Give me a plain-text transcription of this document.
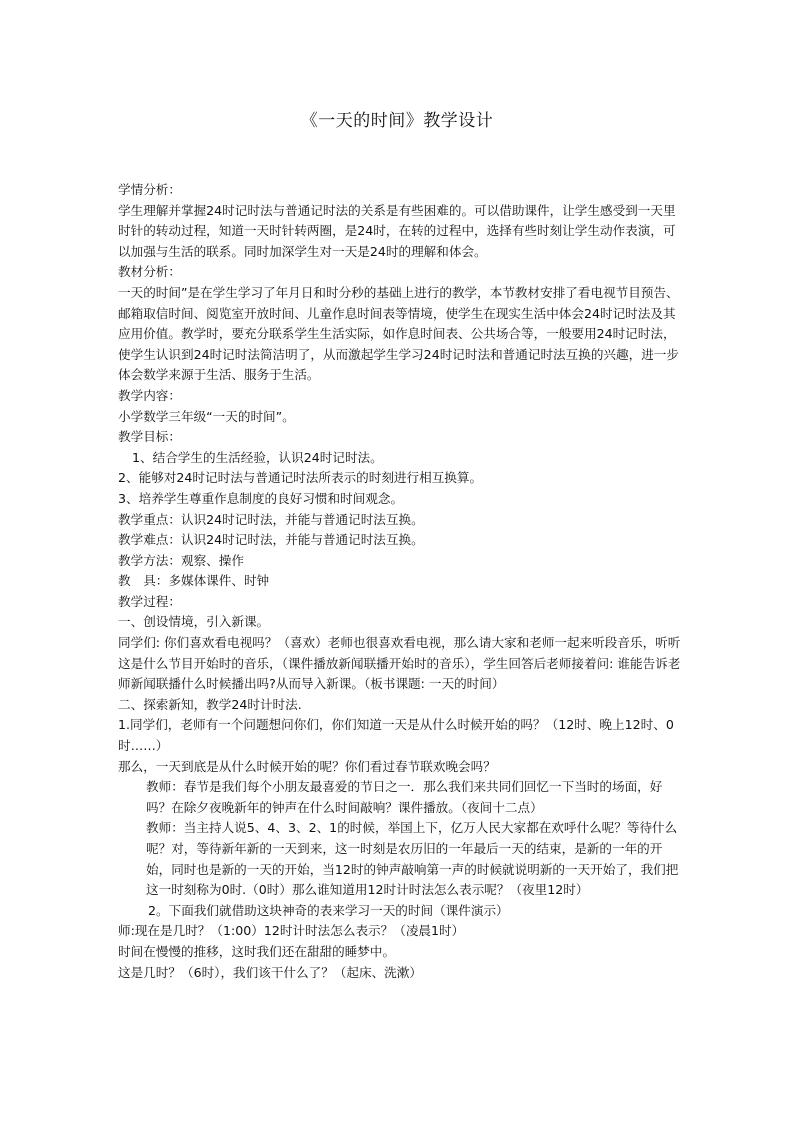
《一天的时间》教学设计

学情分析：

学生理解并掌握24时记时法与普通记时法的关系是有些困难的。可以借助课件，让学生感受到一天里时针的转动过程，知道一天时针转两圈，是24时，在转的过程中，选择有些时刻让学生动作表演，可以加强与生活的联系。同时加深学生对一天是24时的理解和体会。

教材分析：

一天的时间”是在学生学习了年月日和时分秒的基础上进行的教学，本节教材安排了看电视节目预告、邮箱取信时间、阅览室开放时间、儿童作息时间表等情境，使学生在现实生活中体会24时记时法及其应用价值。教学时，要充分联系学生生活实际，如作息时间表、公共场合等，一般要用24时记时法，使学生认识到24时记时法简洁明了，从而激起学生学习24时记时法和普通记时法互换的兴趣，进一步体会数学来源于生活、服务于生活。

教学内容：

小学数学三年级“一天的时间”。

教学目标：

1、结合学生的生活经验，认识24时记时法。

2、能够对24时记时法与普通记时法所表示的时刻进行相互换算。

3、培养学生尊重作息制度的良好习惯和时间观念。

教学重点：认识24时记时法，并能与普通记时法互换。

教学难点：认识24时记时法，并能与普通记时法互换。

教学方法：观察、操作

教　具：多媒体课件、时钟

教学过程：

一、创设情境，引入新课。

同学们: 你们喜欢看电视吗？（喜欢）老师也很喜欢看电视，那么请大家和老师一起来听段音乐，听听这是什么节目开始时的音乐，（课件播放新闻联播开始时的音乐），学生回答后老师接着问: 谁能告诉老师新闻联播什么时候播出吗?从而导入新课。（板书课题: 一天的时间）

二、探索新知，教学24时计时法.

1.同学们，老师有一个问题想问你们，你们知道一天是从什么时候开始的吗？（12时、晚上12时、0时……）

那么，一天到底是从什么时候开始的呢？你们看过春节联欢晚会吗？

教师：春节是我们每个小朋友最喜爱的节日之一．那么我们来共同们回忆一下当时的场面，好吗？在除夕夜晚新年的钟声在什么时间敲响？课件播放。（夜间十二点）

教师：当主持人说5、4、3、2、1的时候，举国上下，亿万人民大家都在欢呼什么呢？等待什么呢？对，等待新年新的一天到来，这一时刻是农历旧的一年最后一天的结束，是新的一年的开始，同时也是新的一天的开始，当12时的钟声敲响第一声的时候就说明新的一天开始了，我们把这一时刻称为0时.（0时）那么谁知道用12时计时法怎么表示呢？（夜里12时）

2。下面我们就借助这块神奇的表来学习一天的时间（课件演示）

师:现在是几时？（1:00）12时计时法怎么表示？（凌晨1时）

时间在慢慢的推移，这时我们还在甜甜的睡梦中。

这是几时？（6时），我们该干什么了？（起床、洗漱）
